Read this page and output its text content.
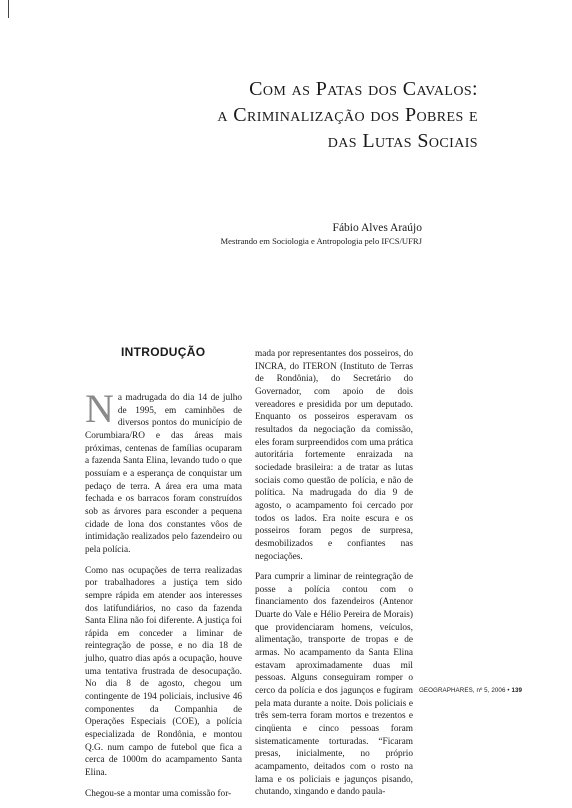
Com as Patas dos Cavalos:
a Criminalização dos Pobres e
das Lutas Sociais
Fábio Alves Araújo
Mestrando em Sociologia e Antropologia pelo IFCS/UFRJ
INTRODUÇÃO
Na madrugada do dia 14 de julho de 1995, em caminhões de diversos pontos do município de Corumbiara/RO e das áreas mais próximas, centenas de famílias ocuparam a fazenda Santa Elina, levando tudo o que possuíam e a esperança de conquistar um pedaço de terra. A área era uma mata fechada e os barracos foram construídos sob as árvores para esconder a pequena cidade de lona dos constantes vôos de intimidação realizados pelo fazendeiro ou pela polícia.
Como nas ocupações de terra realizadas por trabalhadores a justiça tem sido sempre rápida em atender aos interesses dos latifundiários, no caso da fazenda Santa Elina não foi diferente. A justiça foi rápida em conceder a liminar de reintegração de posse, e no dia 18 de julho, quatro dias após a ocupação, houve uma tentativa frustrada de desocupação. No dia 8 de agosto, chegou um contingente de 194 policiais, inclusive 46 componentes da Companhia de Operações Especiais (COE), a polícia especializada de Rondônia, e montou Q.G. num campo de futebol que fica a cerca de 1000m do acampamento Santa Elina.
Chegou-se a montar uma comissão for-
mada por representantes dos posseiros, do INCRA, do ITERON (Instituto de Terras de Rondônia), do Secretário do Governador, com apoio de dois vereadores e presidida por um deputado. Enquanto os posseiros esperavam os resultados da negociação da comissão, eles foram surpreendidos com uma prática autoritária fortemente enraizada na sociedade brasileira: a de tratar as lutas sociais como questão de polícia, e não de política. Na madrugada do dia 9 de agosto, o acampamento foi cercado por todos os lados. Era noite escura e os posseiros foram pegos de surpresa, desmobilizados e confiantes nas negociações.
Para cumprir a liminar de reintegração de posse a polícia contou com o financiamento dos fazendeiros (Antenor Duarte do Vale e Hélio Pereira de Morais) que providenciaram homens, veículos, alimentação, transporte de tropas e de armas. No acampamento da Santa Elina estavam aproximadamente duas mil pessoas. Alguns conseguiram romper o cerco da polícia e dos jagunços e fugiram pela mata durante a noite. Dois policiais e três sem-terra foram mortos e trezentos e cinqüenta e cinco pessoas foram sistematicamente torturadas. “Ficaram presas, inicialmente, no próprio acampamento, deitados com o rosto na lama e os policiais e jagunços pisando, chutando, xingando e dando paula-
GEOGRAPHARES, nº 5, 2006 • 139
